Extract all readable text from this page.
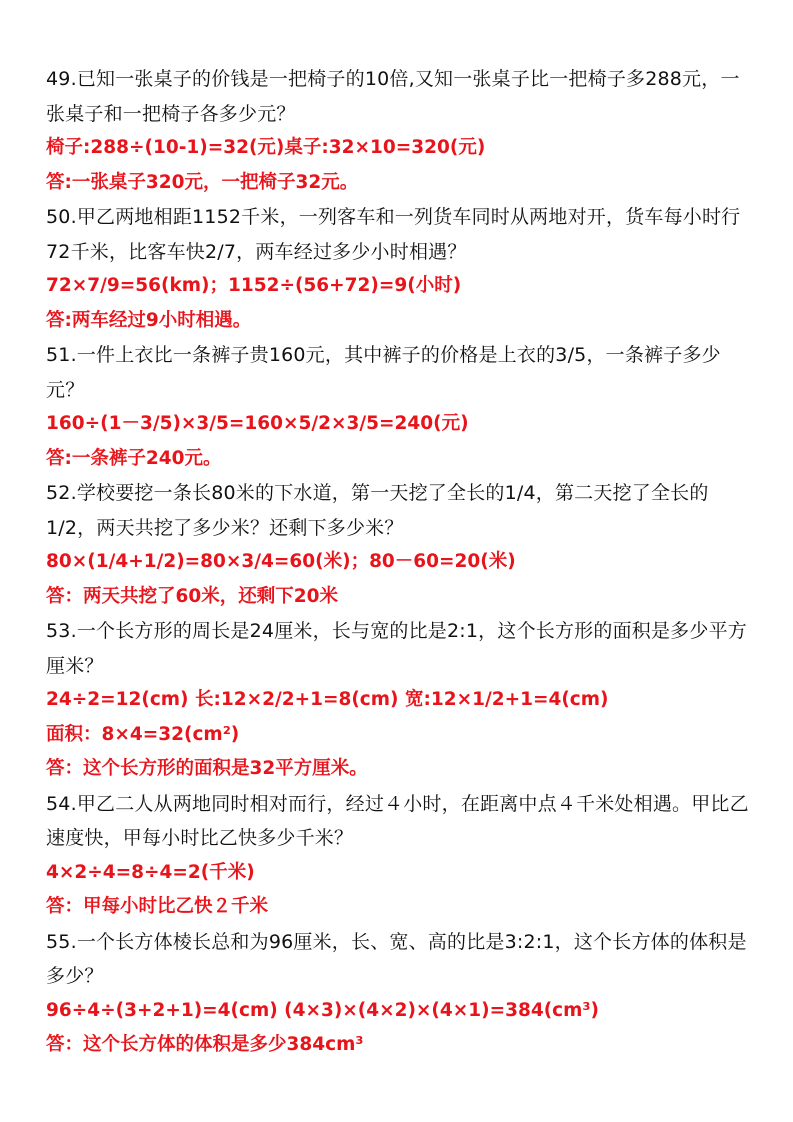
49.已知一张桌子的价钱是一把椅子的10倍,又知一张桌子比一把椅子多288元，一张桌子和一把椅子各多少元？

椅子:288÷(10-1)=32(元)桌子:32×10=320(元)

答:一张桌子320元，一把椅子32元。

50.甲乙两地相距1152千米，一列客车和一列货车同时从两地对开，货车每小时行72千米，比客车快2/7，两车经过多少小时相遇？

72×7/9=56(km)；1152÷(56+72)=9(小时)

答:两车经过9小时相遇。

51.一件上衣比一条裤子贵160元，其中裤子的价格是上衣的3/5，一条裤子多少元？

160÷(1－3/5)×3/5=160×5/2×3/5=240(元)

答:一条裤子240元。

52.学校要挖一条长80米的下水道，第一天挖了全长的1/4，第二天挖了全长的1/2，两天共挖了多少米？还剩下多少米？

80×(1/4+1/2)=80×3/4=60(米)；80－60=20(米)

答：两天共挖了60米，还剩下20米

53.一个长方形的周长是24厘米，长与宽的比是2:1，这个长方形的面积是多少平方厘米？

24÷2=12(cm) 长:12×2/2+1=8(cm) 宽:12×1/2+1=4(cm)

面积：8×4=32(cm²)

答：这个长方形的面积是32平方厘米。

54.甲乙二人从两地同时相对而行，经过４小时，在距离中点４千米处相遇。甲比乙速度快，甲每小时比乙快多少千米？

4×2÷4=8÷4=2(千米)

答：甲每小时比乙快２千米

55.一个长方体棱长总和为96厘米，长、宽、高的比是3:2:1，这个长方体的体积是多少？

96÷4÷(3+2+1)=4(cm) (4×3)×(4×2)×(4×1)=384(cm³)

答：这个长方体的体积是多少384cm³
